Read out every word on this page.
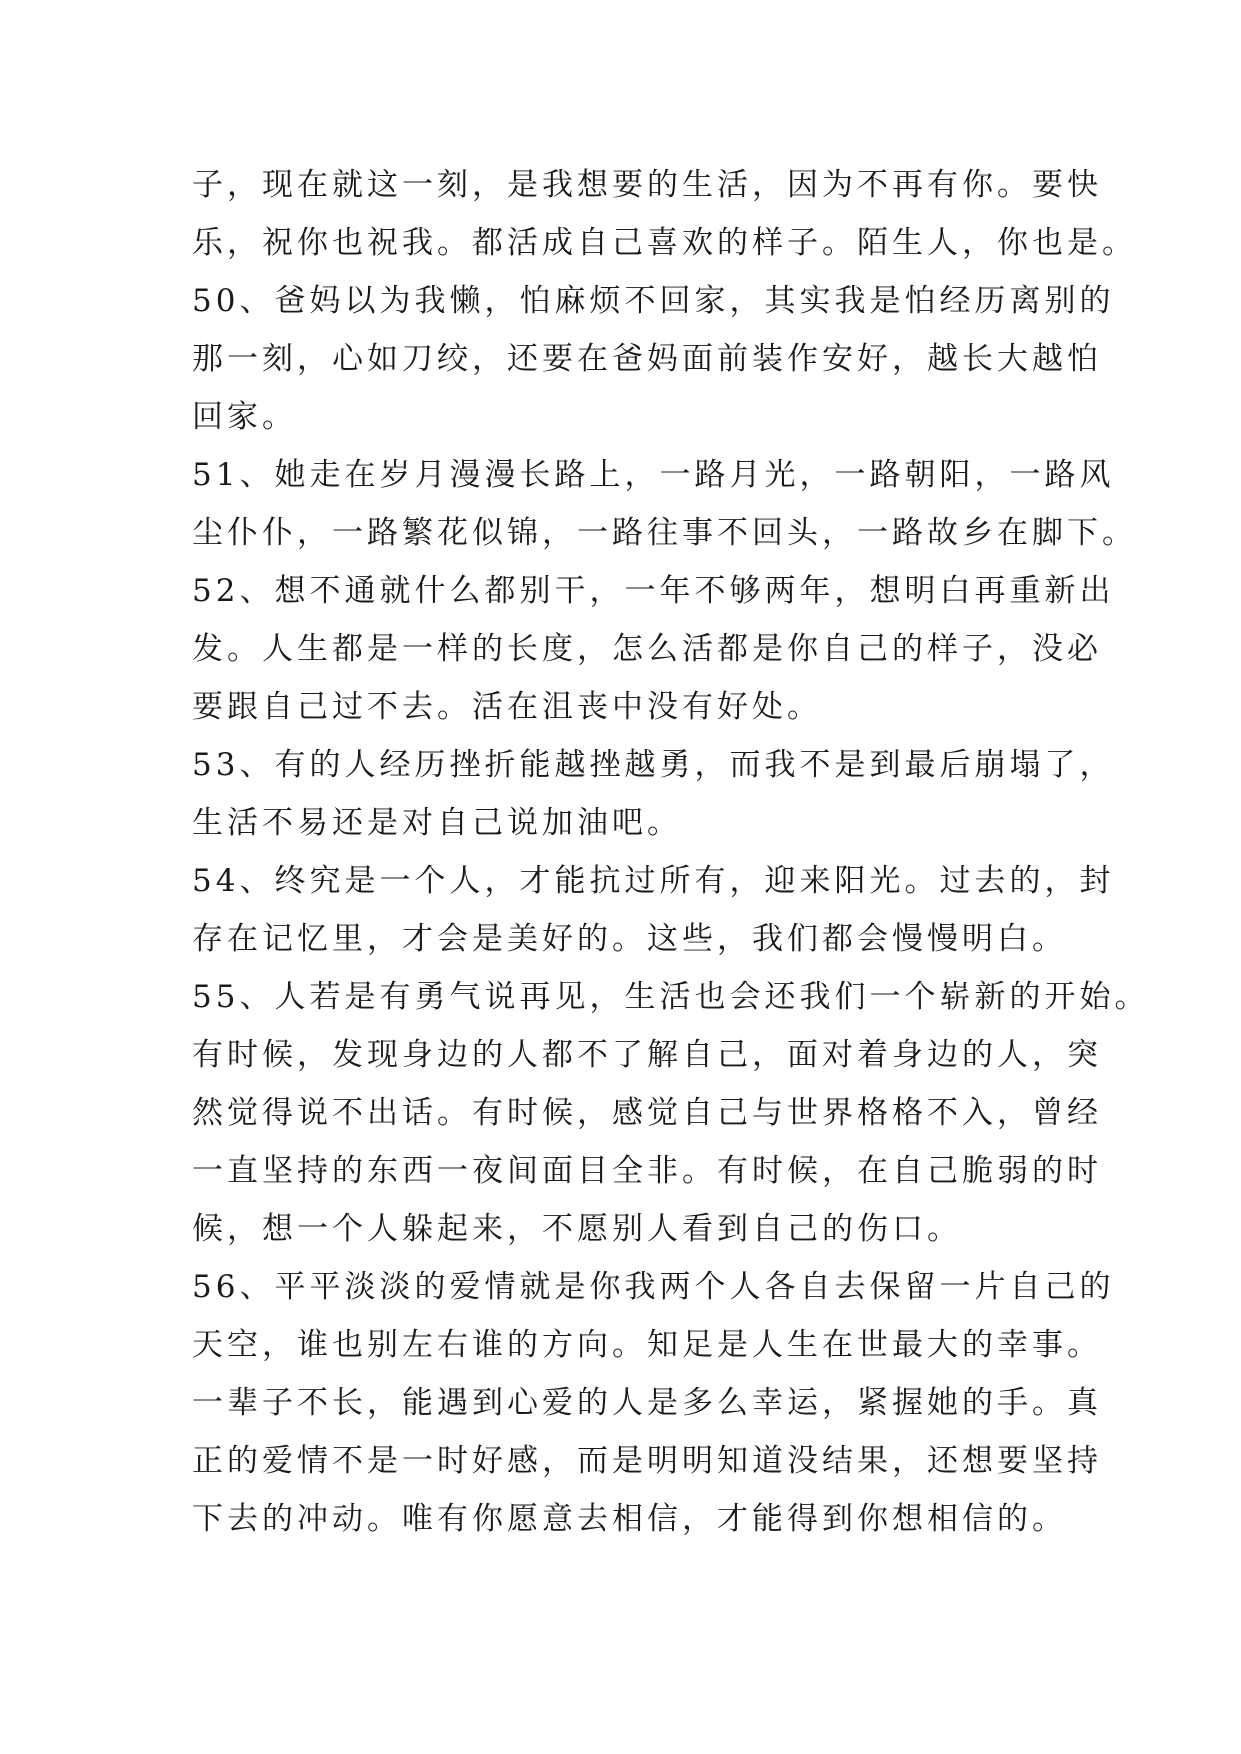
子，现在就这一刻，是我想要的生活，因为不再有你。要快
乐，祝你也祝我。都活成自己喜欢的样子。陌生人，你也是。
50、爸妈以为我懒，怕麻烦不回家，其实我是怕经历离别的
那一刻，心如刀绞，还要在爸妈面前装作安好，越长大越怕
回家。
51、她走在岁月漫漫长路上，一路月光，一路朝阳，一路风
尘仆仆，一路繁花似锦，一路往事不回头，一路故乡在脚下。
52、想不通就什么都别干，一年不够两年，想明白再重新出
发。人生都是一样的长度，怎么活都是你自己的样子，没必
要跟自己过不去。活在沮丧中没有好处。
53、有的人经历挫折能越挫越勇，而我不是到最后崩塌了，
生活不易还是对自己说加油吧。
54、终究是一个人，才能抗过所有，迎来阳光。过去的，封
存在记忆里，才会是美好的。这些，我们都会慢慢明白。
55、人若是有勇气说再见，生活也会还我们一个崭新的开始。
有时候，发现身边的人都不了解自己，面对着身边的人，突
然觉得说不出话。有时候，感觉自己与世界格格不入，曾经
一直坚持的东西一夜间面目全非。有时候，在自己脆弱的时
候，想一个人躲起来，不愿别人看到自己的伤口。
56、平平淡淡的爱情就是你我两个人各自去保留一片自己的
天空，谁也别左右谁的方向。知足是人生在世最大的幸事。
一辈子不长，能遇到心爱的人是多么幸运，紧握她的手。真
正的爱情不是一时好感，而是明明知道没结果，还想要坚持
下去的冲动。唯有你愿意去相信，才能得到你想相信的。
